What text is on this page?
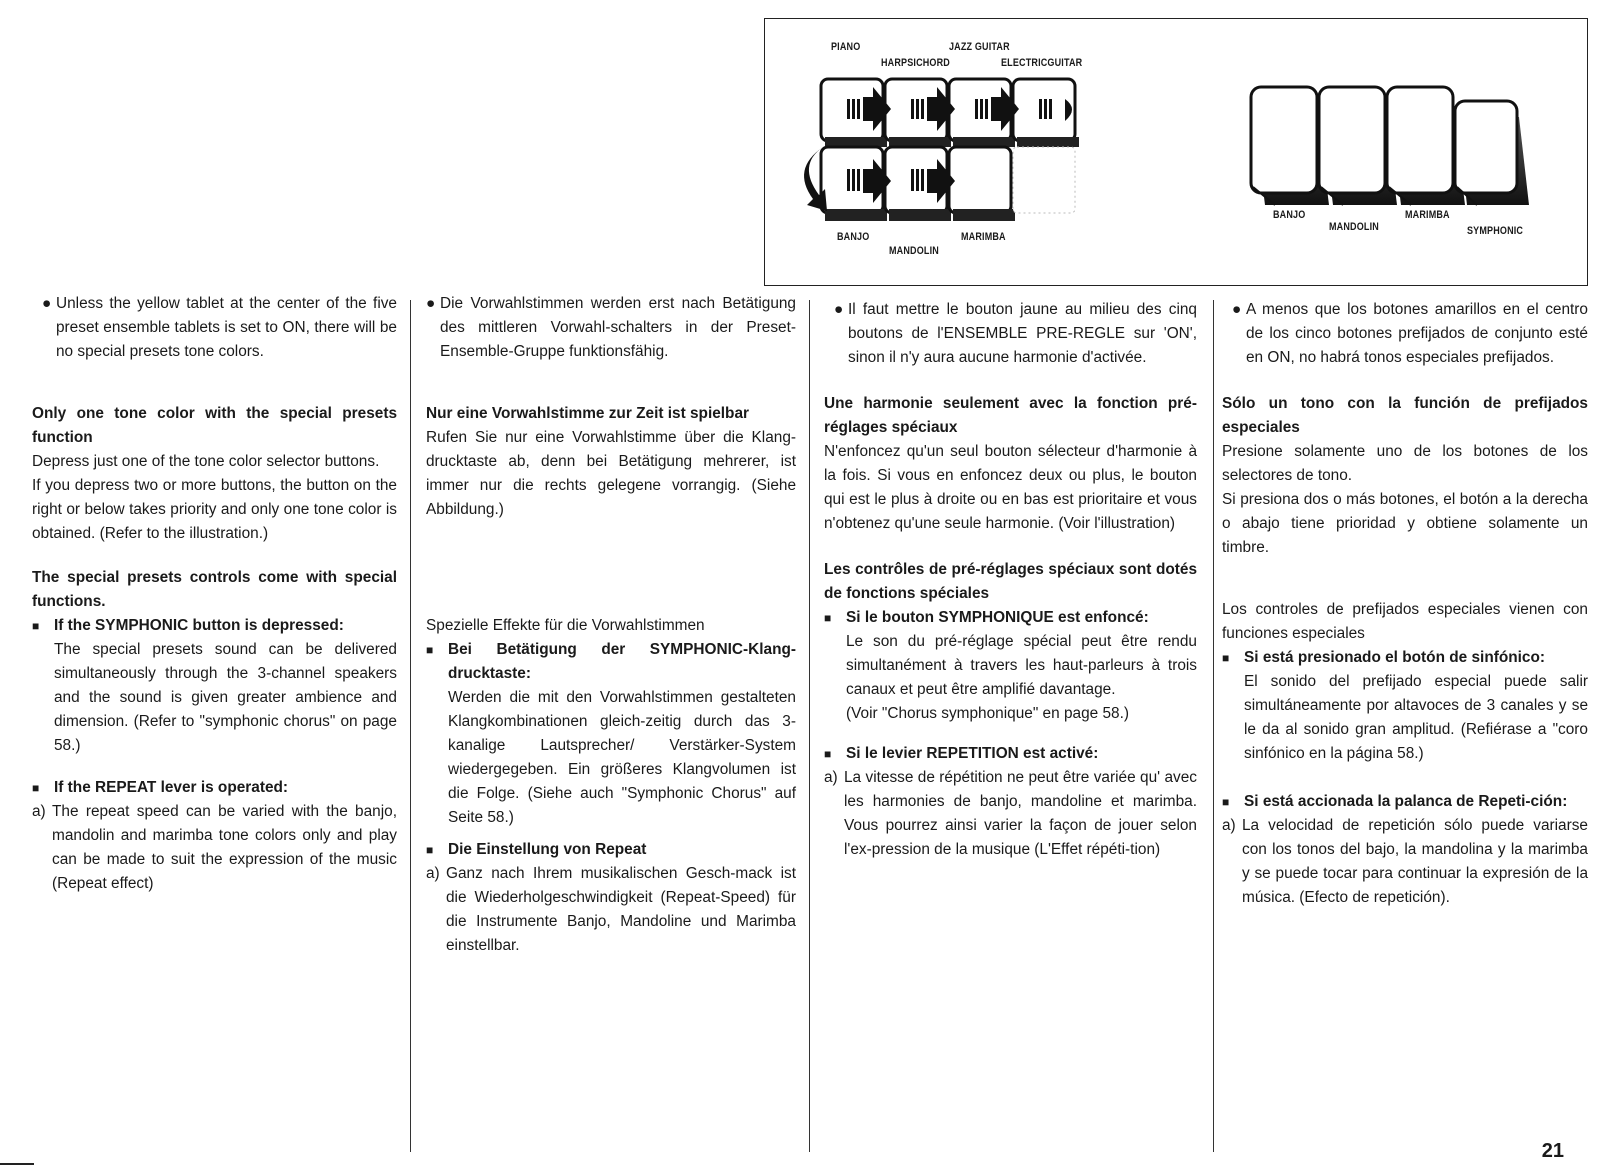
PIANO	JAZZ GUITAR
HARPSICHORD	ELECTRICGUITAR
BANJO
MANDOLIN
MARIMBA
BANJO
MANDOLIN
MARIMBA
SYMPHONIC
● Unless the yellow tablet at the center of the five preset ensemble tablets is set to ON, there will be no special presets tone colors.

Only one tone color with the special presets function

Depress just one of the tone color selector buttons.

If you depress two or more buttons, the button on the right or below takes priority and only one tone color is obtained. (Refer to the illustration.)

The special presets controls come with special functions.

■ If the SYMPHONIC button is depressed:

The special presets sound can be delivered simultaneously through the 3-channel speakers and the sound is given greater ambience and dimension. (Refer to "symphonic chorus" on page 58.)

■ If the REPEAT lever is operated:
a) The repeat speed can be varied with the banjo, mandolin and marimba tone colors only and play can be made to suit the expression of the music (Repeat effect)
● Die Vorwahlstimmen werden erst nach Betätigung des mittleren Vorwahl-schalters in der Preset-Ensemble-Gruppe funktionsfähig.

Nur eine Vorwahlstimme zur Zeit ist spielbar

Rufen Sie nur eine Vorwahlstimme über die Klang-drucktaste ab, denn bei Betätigung mehrerer, ist immer nur die rechts gelegene vorrangig. (Siehe Abbildung.)

Spezielle Effekte für die Vorwahlstimmen

■ Bei Betätigung der SYMPHONIC-Klang-drucktaste:

Werden die mit den Vorwahlstimmen gestalteten Klangkombinationen gleich-zeitig durch das 3-kanalige Lautsprecher/ Verstärker-System wiedergegeben. Ein größeres Klangvolumen ist die Folge. (Siehe auch "Symphonic Chorus" auf Seite 58.)

■ Die Einstellung von Repeat
a) Ganz nach Ihrem musikalischen Gesch-mack ist die Wiederholgeschwindigkeit (Repeat-Speed) für die Instrumente Banjo, Mandoline und Marimba einstellbar.
● Il faut mettre le bouton jaune au milieu des cinq boutons de l'ENSEMBLE PRE-REGLE sur 'ON', sinon il n'y aura aucune harmonie d'activée.

Une harmonie seulement avec la fonction pré-réglages spéciaux

N'enfoncez qu'un seul bouton sélecteur d'harmonie à la fois. Si vous en enfoncez deux ou plus, le bouton qui est le plus à droite ou en bas est prioritaire et vous n'obtenez qu'une seule harmonie. (Voir l'illustration)

Les contrôles de pré-réglages spéciaux sont dotés de fonctions spéciales

■ Si le bouton SYMPHONIQUE est enfoncé:

Le son du pré-réglage spécial peut être rendu simultanément à travers les haut-parleurs à trois canaux et peut être amplifié davantage.

(Voir "Chorus symphonique" en page 58.)

■ Si le levier REPETITION est activé:
a) La vitesse de répétition ne peut être variée qu' avec les harmonies de banjo, mandoline et marimba. Vous pourrez ainsi varier la façon de jouer selon l'ex-pression de la musique (L'Effet répéti-tion)
● A menos que los botones amarillos en el centro de los cinco botones prefijados de conjunto esté en ON, no habrá tonos especiales prefijados.

Sólo un tono con la función de prefijados especiales

Presione solamente uno de los botones de los selectores de tono.

Si presiona dos o más botones, el botón a la derecha o abajo tiene prioridad y obtiene solamente un timbre.

Los controles de prefijados especiales vienen con funciones especiales

■ Si está presionado el botón de sinfónico:

El sonido del prefijado especial puede salir simultáneamente por altavoces de 3 canales y se le da al sonido gran amplitud. (Refiérase a "coro sinfónico en la página 58.)

■ Si está accionada la palanca de Repeti-ción:
a) La velocidad de repetición sólo puede variarse con los tonos del bajo, la mandolina y la marimba y se puede tocar para continuar la expresión de la música. (Efecto de repetición).
21
